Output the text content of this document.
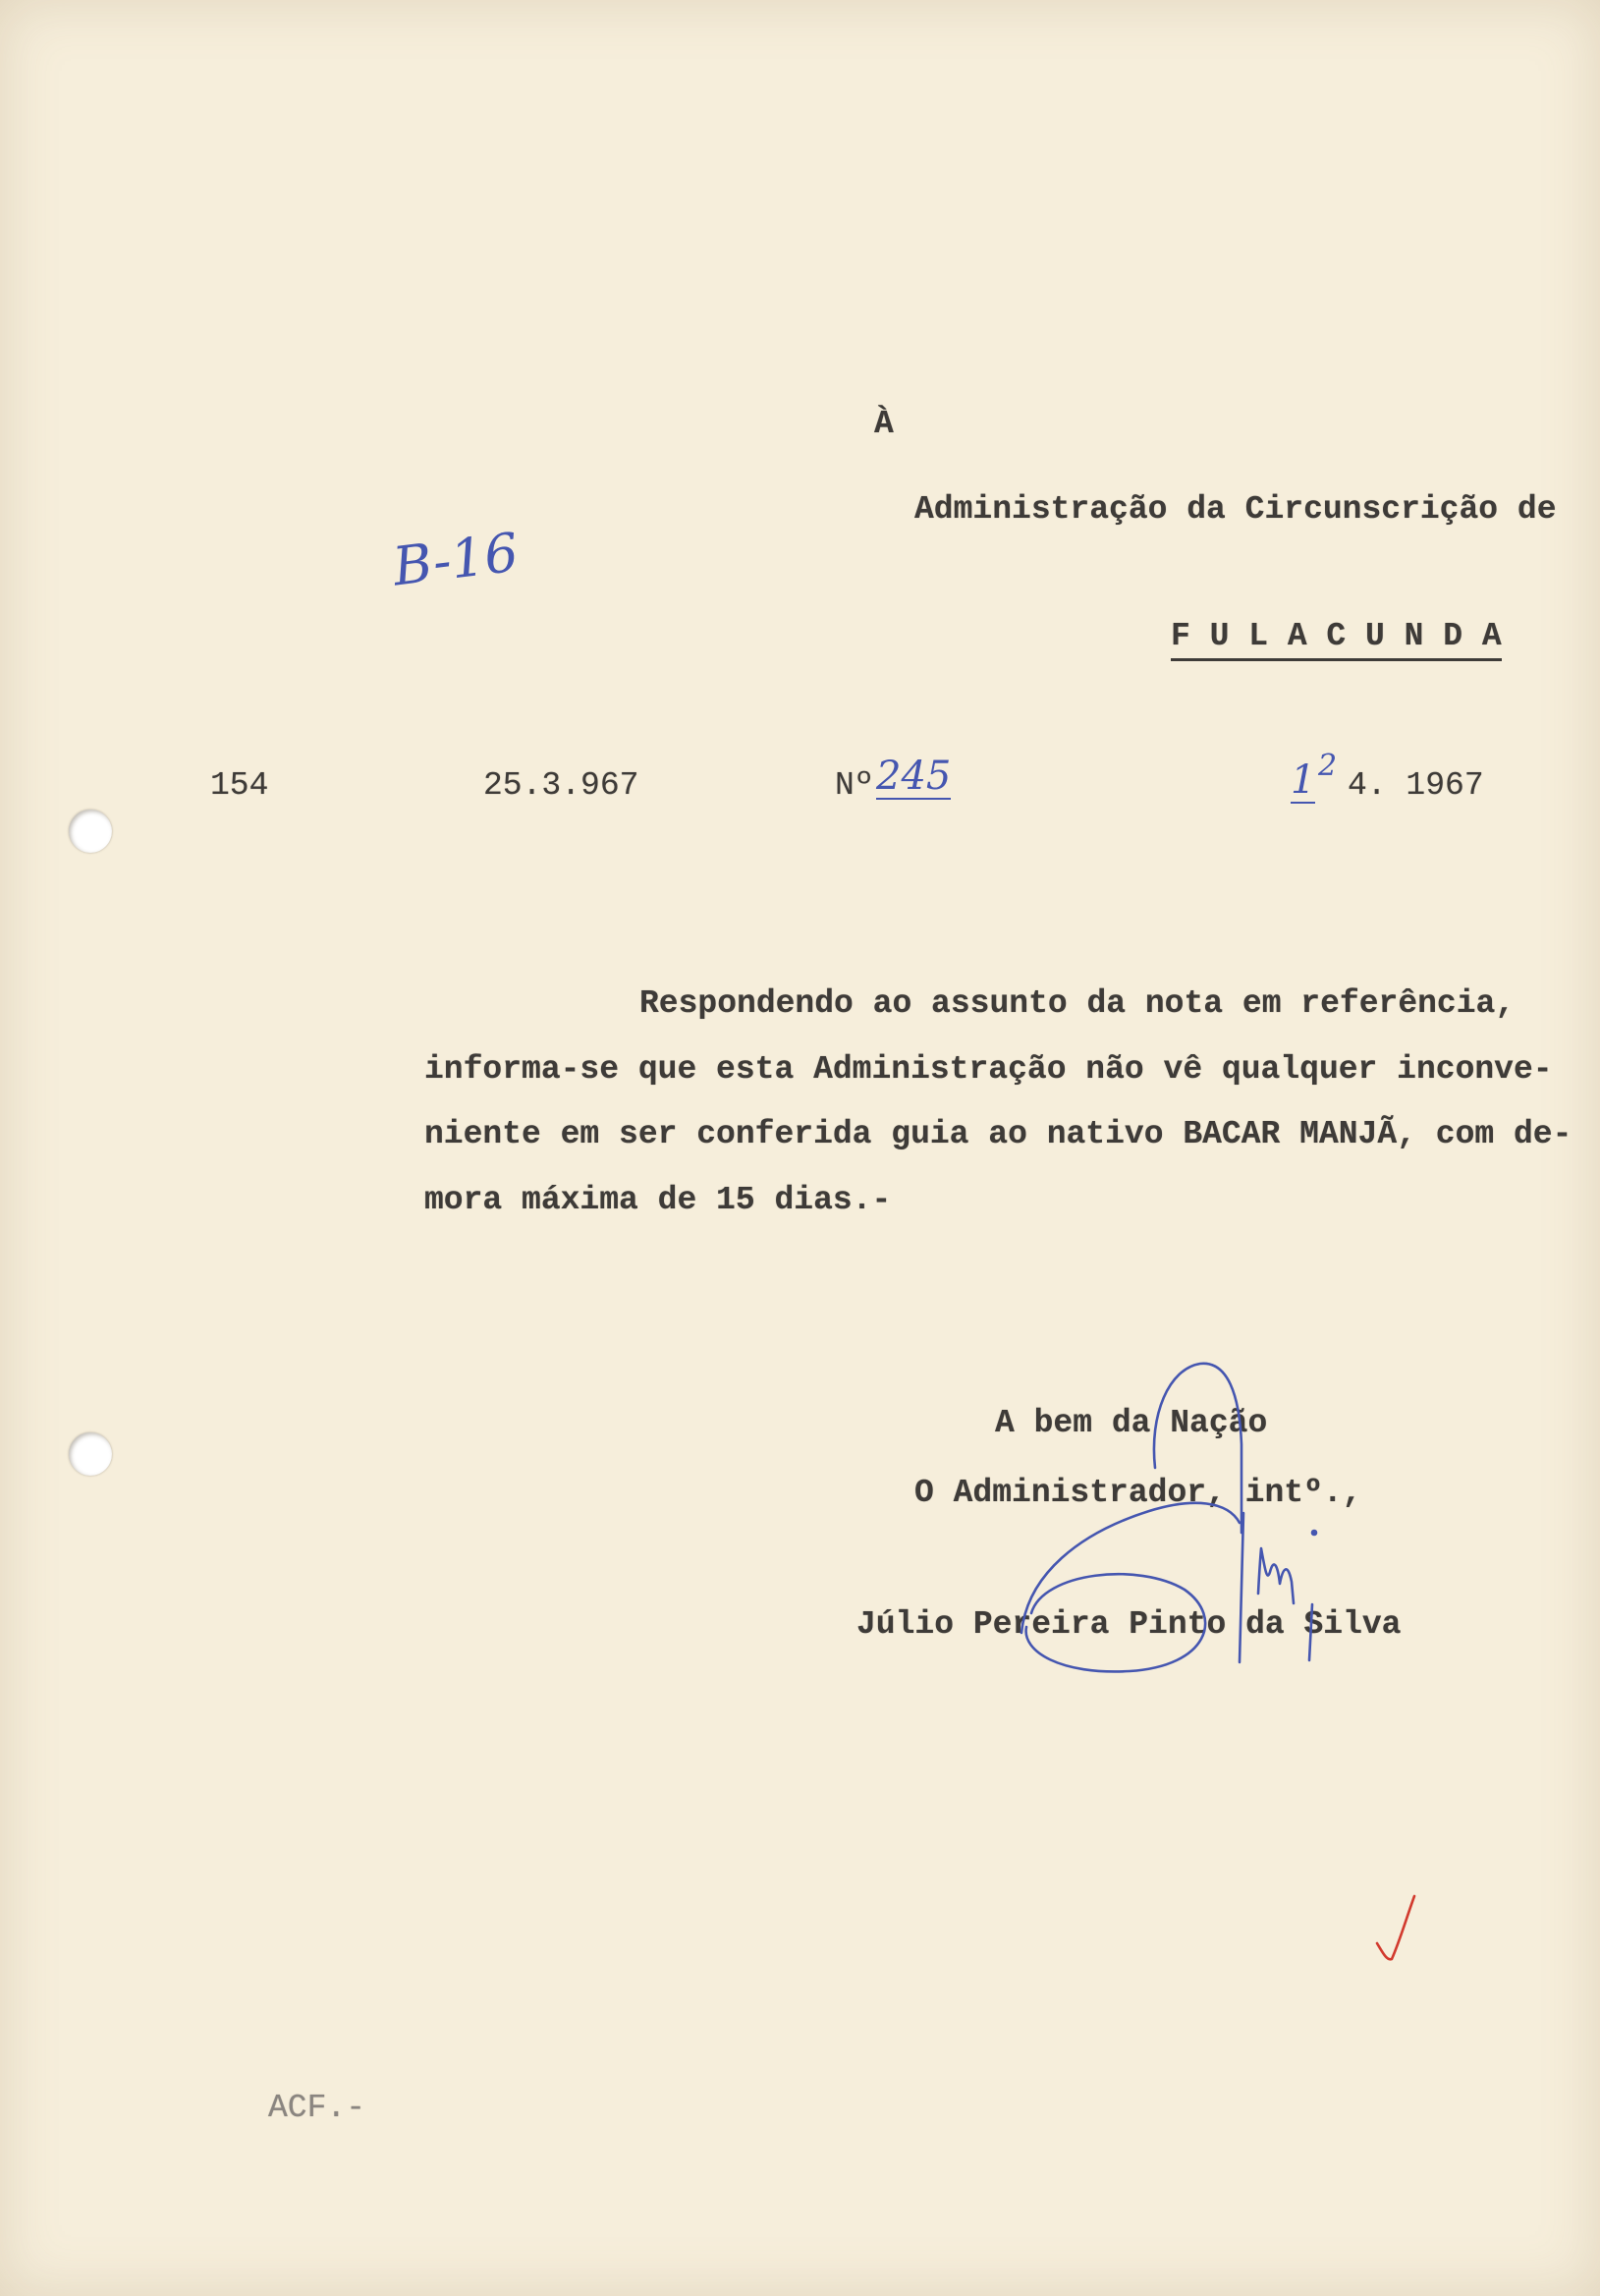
À
Administração da Circunscrição de
F U L A C U N D A
B-16
154	25.3.967	Nº 245	1 2
4. 1967
Respondendo ao assunto da nota em referência,
informa-se que esta Administração não vê qualquer inconve-
niente em ser conferida guia ao nativo BACAR MANJÃ, com de-
mora máxima de 15 dias.-
A bem da Nação
O Administrador, intº.,
Júlio Pereira Pinto da Silva
ACF.-
